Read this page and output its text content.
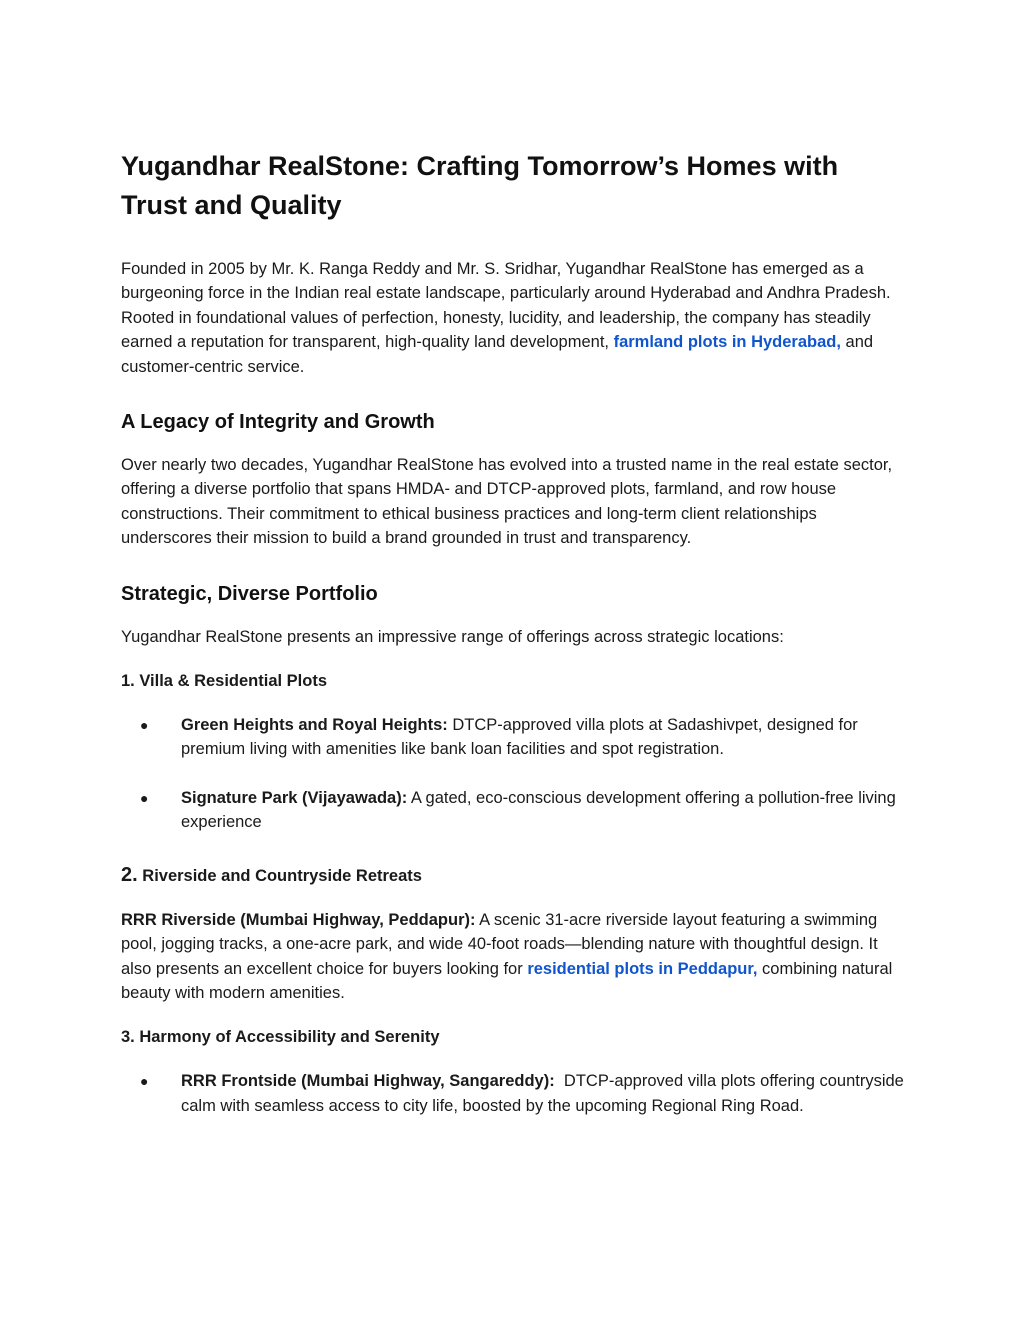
Yugandhar RealStone: Crafting Tomorrow’s Homes with Trust and Quality

Founded in 2005 by Mr. K. Ranga Reddy and Mr. S. Sridhar, Yugandhar RealStone has emerged as a burgeoning force in the Indian real estate landscape, particularly around Hyderabad and Andhra Pradesh. Rooted in foundational values of perfection, honesty, lucidity, and leadership, the company has steadily earned a reputation for transparent, high-quality land development, farmland plots in Hyderabad, and customer-centric service.

A Legacy of Integrity and Growth

Over nearly two decades, Yugandhar RealStone has evolved into a trusted name in the real estate sector, offering a diverse portfolio that spans HMDA- and DTCP-approved plots, farmland, and row house constructions. Their commitment to ethical business practices and long-term client relationships underscores their mission to build a brand grounded in trust and transparency.

Strategic, Diverse Portfolio

Yugandhar RealStone presents an impressive range of offerings across strategic locations:

1. Villa & Residential Plots
● Green Heights and Royal Heights: DTCP-approved villa plots at Sadashivpet, designed for premium living with amenities like bank loan facilities and spot registration.
● Signature Park (Vijayawada): A gated, eco-conscious development offering a pollution-free living experience
2. Riverside and Countryside Retreats

RRR Riverside (Mumbai Highway, Peddapur): A scenic 31-acre riverside layout featuring a swimming pool, jogging tracks, a one-acre park, and wide 40-foot roads—blending nature with thoughtful design. It also presents an excellent choice for buyers looking for residential plots in Peddapur, combining natural beauty with modern amenities.

3. Harmony of Accessibility and Serenity
● RRR Frontside (Mumbai Highway, Sangareddy):  DTCP-approved villa plots offering countryside calm with seamless access to city life, boosted by the upcoming Regional Ring Road.
